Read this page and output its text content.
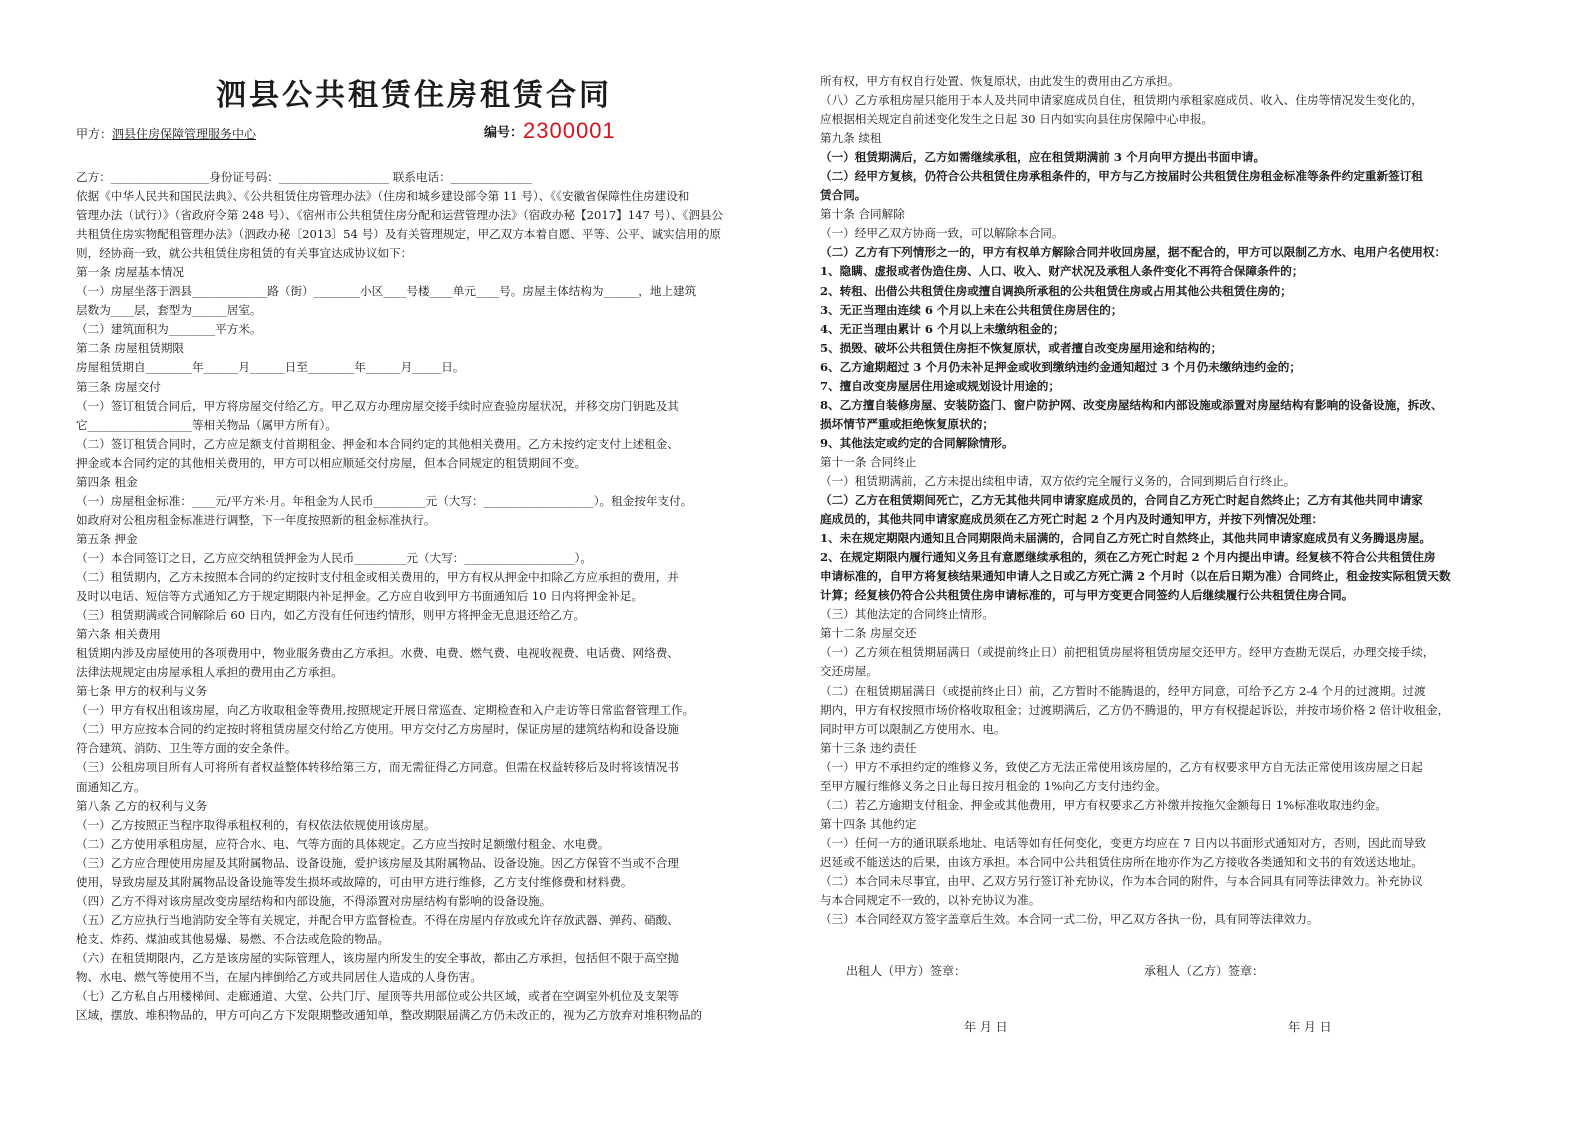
泗县公共租赁住房租赁合同
甲方：泗县住房保障管理服务中心	编号：2300001
乙方：_________________身份证号码：___________________ 联系电话：______________
依据《中华人民共和国民法典》、《公共租赁住房管理办法》（住房和城乡建设部令第 11 号）、《《安徽省保障性住房建设和
管理办法（试行）》（省政府令第 248 号）、《宿州市公共租赁住房分配和运营管理办法》（宿政办秘【2017】147 号）、《泗县公
共租赁住房实物配租管理办法》（泗政办秘〔2013〕54 号）及有关管理规定，甲乙双方本着自愿、平等、公平、诚实信用的原
则，经协商一致，就公共租赁住房租赁的有关事宜达成协议如下：
第一条 房屋基本情况
（一）房屋坐落于泗县_____________路（街）________小区____号楼____单元____号。房屋主体结构为______，地上建筑
层数为____层，套型为______居室。
（二）建筑面积为________平方米。
第二条 房屋租赁期限
房屋租赁期自________年______月______日至________年______月_____日。
第三条 房屋交付
（一）签订租赁合同后，甲方将房屋交付给乙方。甲乙双方办理房屋交接手续时应查验房屋状况，并移交房门钥匙及其
它__________________等相关物品（属甲方所有）。
（二）签订租赁合同时，乙方应足额支付首期租金、押金和本合同约定的其他相关费用。乙方未按约定支付上述租金、
押金或本合同约定的其他相关费用的，甲方可以相应顺延交付房屋，但本合同规定的租赁期间不变。
第四条 租金
（一）房屋租金标准：____元/平方米·月。年租金为人民币_________元（大写：___________________）。租金按年支付。
如政府对公租房租金标准进行调整，下一年度按照新的租金标准执行。
第五条 押金
（一）本合同签订之日，乙方应交纳租赁押金为人民币_________元（大写：___________________）。
（二）租赁期内，乙方未按照本合同的约定按时支付租金或相关费用的，甲方有权从押金中扣除乙方应承担的费用，并
及时以电话、短信等方式通知乙方于规定期限内补足押金。乙方应自收到甲方书面通知后 10 日内将押金补足。
（三）租赁期满或合同解除后 60 日内，如乙方没有任何违约情形，则甲方将押金无息退还给乙方。
第六条 相关费用
租赁期内涉及房屋使用的各项费用中，物业服务费由乙方承担。水费、电费、燃气费、电视收视费、电话费、网络费、
法律法规规定由房屋承租人承担的费用由乙方承担。
第七条 甲方的权利与义务
（一）甲方有权出租该房屋，向乙方收取租金等费用,按照规定开展日常巡查、定期检查和入户走访等日常监督管理工作。
（二）甲方应按本合同的约定按时将租赁房屋交付给乙方使用。甲方交付乙方房屋时，保证房屋的建筑结构和设备设施
符合建筑、消防、卫生等方面的安全条件。
（三）公租房项目所有人可将所有者权益整体转移给第三方，而无需征得乙方同意。但需在权益转移后及时将该情况书
面通知乙方。
第八条 乙方的权利与义务
（一）乙方按照正当程序取得承租权利的，有权依法依规使用该房屋。
（二）乙方使用承租房屋，应符合水、电、气等方面的具体规定。乙方应当按时足额缴付租金、水电费。
（三）乙方应合理使用房屋及其附属物品、设备设施，爱护该房屋及其附属物品、设备设施。因乙方保管不当或不合理
使用，导致房屋及其附属物品设备设施等发生损坏或故障的，可由甲方进行维修，乙方支付维修费和材料费。
（四）乙方不得对该房屋改变房屋结构和内部设施，不得添置对房屋结构有影响的设备设施。
（五）乙方应执行当地消防安全等有关规定，并配合甲方监督检查。不得在房屋内存放或允许存放武器、弹药、硝酸、
枪支、炸药、煤油或其他易爆、易燃、不合法或危险的物品。
（六）在租赁期限内，乙方是该房屋的实际管理人，该房屋内所发生的安全事故，都由乙方承担，包括但不限于高空抛
物、水电、燃气等使用不当，在屋内摔倒给乙方或共同居住人造成的人身伤害。
（七）乙方私自占用楼梯间、走廊通道、大堂、公共门厅、屋顶等共用部位或公共区域，或者在空调室外机位及支架等
区域，摆放、堆积物品的，甲方可向乙方下发限期整改通知单，整改期限届满乙方仍未改正的，视为乙方放弃对堆积物品的
所有权，甲方有权自行处置、恢复原状，由此发生的费用由乙方承担。
（八）乙方承租房屋只能用于本人及共同申请家庭成员自住，租赁期内承租家庭成员、收入、住房等情况发生变化的，
应根据相关规定自前述变化发生之日起 30 日内如实向县住房保障中心申报。
第九条 续租
（一）租赁期满后，乙方如需继续承租，应在租赁期满前 3 个月向甲方提出书面申请。
（二）经甲方复核，仍符合公共租赁住房承租条件的，甲方与乙方按届时公共租赁住房租金标准等条件约定重新签订租
赁合同。
第十条 合同解除
（一）经甲乙双方协商一致，可以解除本合同。
（二）乙方有下列情形之一的，甲方有权单方解除合同并收回房屋，据不配合的，甲方可以限制乙方水、电用户名使用权：
1、隐瞒、虚报或者伪造住房、人口、收入、财产状况及承租人条件变化不再符合保障条件的；
2、转租、出借公共租赁住房或擅自调换所承租的公共租赁住房或占用其他公共租赁住房的；
3、无正当理由连续 6 个月以上未在公共租赁住房居住的；
4、无正当理由累计 6 个月以上未缴纳租金的；
5、损毁、破坏公共租赁住房拒不恢复原状，或者擅自改变房屋用途和结构的；
6、乙方逾期超过 3 个月仍未补足押金或收到缴纳违约金通知超过 3 个月仍未缴纳违约金的；
7、擅自改变房屋居住用途或规划设计用途的；
8、乙方擅自装修房屋、安装防盗门、窗户防护网、改变房屋结构和内部设施或添置对房屋结构有影响的设备设施，拆改、
损坏情节严重或拒绝恢复原状的；
9、其他法定或约定的合同解除情形。
第十一条 合同终止
（一）租赁期满前，乙方未提出续租申请，双方依约完全履行义务的，合同到期后自行终止。
（二）乙方在租赁期间死亡，乙方无其他共同申请家庭成员的，合同自乙方死亡时起自然终止；乙方有其他共同申请家
庭成员的，其他共同申请家庭成员须在乙方死亡时起 2 个月内及时通知甲方，并按下列情况处理：
1、未在规定期限内通知且合同期限尚未届满的，合同自乙方死亡时自然终止，其他共同申请家庭成员有义务腾退房屋。
2、在规定期限内履行通知义务且有意愿继续承租的，须在乙方死亡时起 2 个月内提出申请。经复核不符合公共租赁住房
申请标准的，自甲方将复核结果通知申请人之日或乙方死亡满 2 个月时（以在后日期为准）合同终止，租金按实际租赁天数
计算；经复核仍符合公共租赁住房申请标准的，可与甲方变更合同签约人后继续履行公共租赁住房合同。
（三）其他法定的合同终止情形。
第十二条 房屋交还
（一）乙方须在租赁期届满日（或提前终止日）前把租赁房屋将租赁房屋交还甲方。经甲方查勘无误后，办理交接手续，
交还房屋。
（二）在租赁期届满日（或提前终止日）前，乙方暂时不能腾退的，经甲方同意，可给予乙方 2-4 个月的过渡期。过渡
期内，甲方有权按照市场价格收取租金；过渡期满后，乙方仍不腾退的，甲方有权提起诉讼，并按市场价格 2 倍计收租金，
同时甲方可以限制乙方使用水、电。
第十三条 违约责任
（一）甲方不承担约定的维修义务，致使乙方无法正常使用该房屋的，乙方有权要求甲方自无法正常使用该房屋之日起
至甲方履行维修义务之日止每日按月租金的 1%向乙方支付违约金。
（二）若乙方逾期支付租金、押金或其他费用，甲方有权要求乙方补缴并按拖欠金额每日 1%标准收取违约金。
第十四条 其他约定
（一）任何一方的通讯联系地址、电话等如有任何变化，变更方均应在 7 日内以书面形式通知对方，否则，因此而导致
迟延或不能送达的后果，由该方承担。本合同中公共租赁住房所在地亦作为乙方接收各类通知和文书的有效送达地址。
（二）本合同未尽事宜，由甲、乙双方另行签订补充协议，作为本合同的附件，与本合同具有同等法律效力。补充协议
与本合同规定不一致的，以补充协议为准。
（三）本合同经双方签字盖章后生效。本合同一式二份，甲乙双方各执一份，具有同等法律效力。
出租人（甲方）签章：	承租人（乙方）签章：
年 月 日	年 月 日
